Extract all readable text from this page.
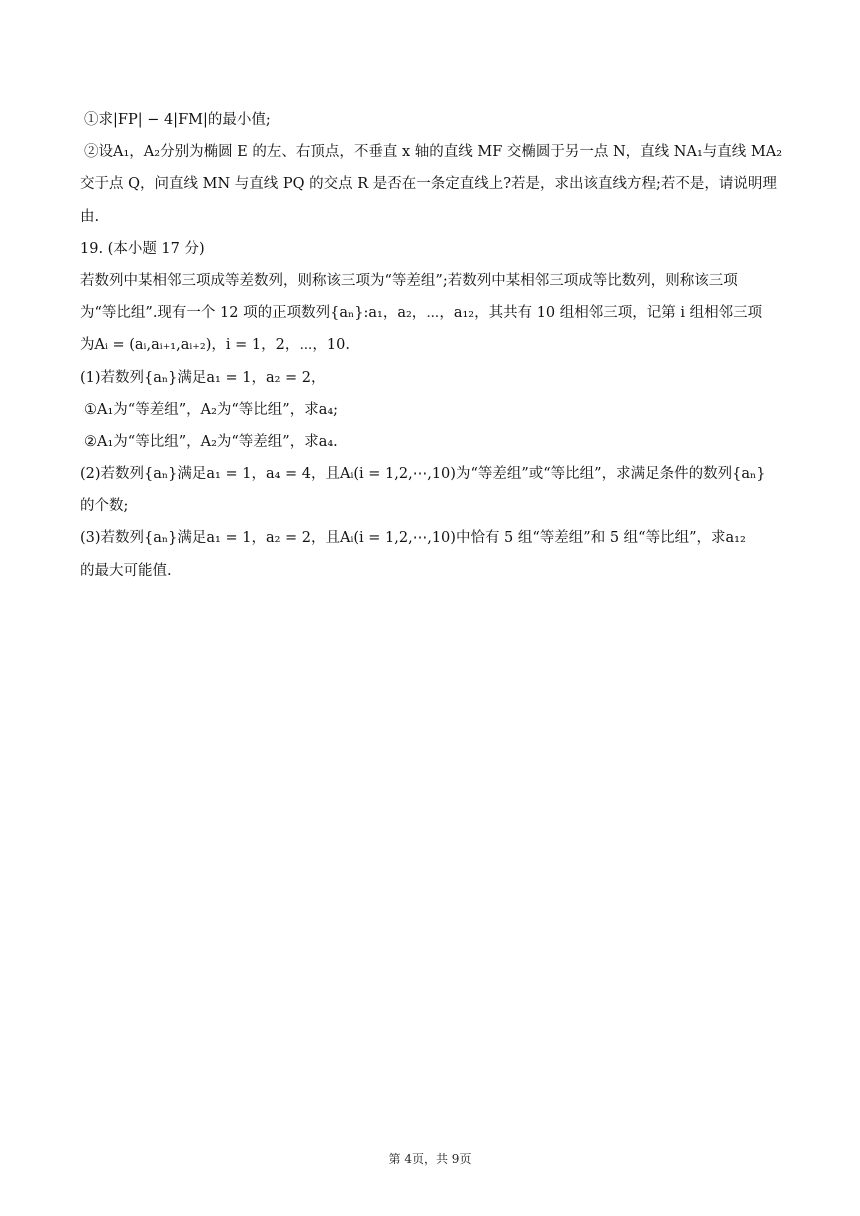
①求|FP| − 4|FM|的最小值;
②设A₁，A₂分别为椭圆 E 的左、右顶点，不垂直 x 轴的直线 MF 交椭圆于另一点 N，直线 NA₁与直线 MA₂
交于点 Q，问直线 MN 与直线 PQ 的交点 R 是否在一条定直线上?若是，求出该直线方程;若不是，请说明理
由.
19. (本小题 17 分)
若数列中某相邻三项成等差数列，则称该三项为“等差组”;若数列中某相邻三项成等比数列，则称该三项
为“等比组”.现有一个 12 项的正项数列{aₙ}:a₁，a₂，⋯，a₁₂，其共有 10 组相邻三项，记第 i 组相邻三项
为Aᵢ = (aᵢ,aᵢ₊₁,aᵢ₊₂)，i = 1，2，⋯，10.
(1)若数列{aₙ}满足a₁ = 1，a₂ = 2，
①A₁为“等差组”，A₂为“等比组”，求a₄;
②A₁为“等比组”，A₂为“等差组”，求a₄.
(2)若数列{aₙ}满足a₁ = 1，a₄ = 4，且Aᵢ(i = 1,2,⋯,10)为“等差组”或“等比组”，求满足条件的数列{aₙ}
的个数;
(3)若数列{aₙ}满足a₁ = 1，a₂ = 2，且Aᵢ(i = 1,2,⋯,10)中恰有 5 组“等差组”和 5 组“等比组”，求a₁₂
的最大可能值.
第 4页，共 9页
